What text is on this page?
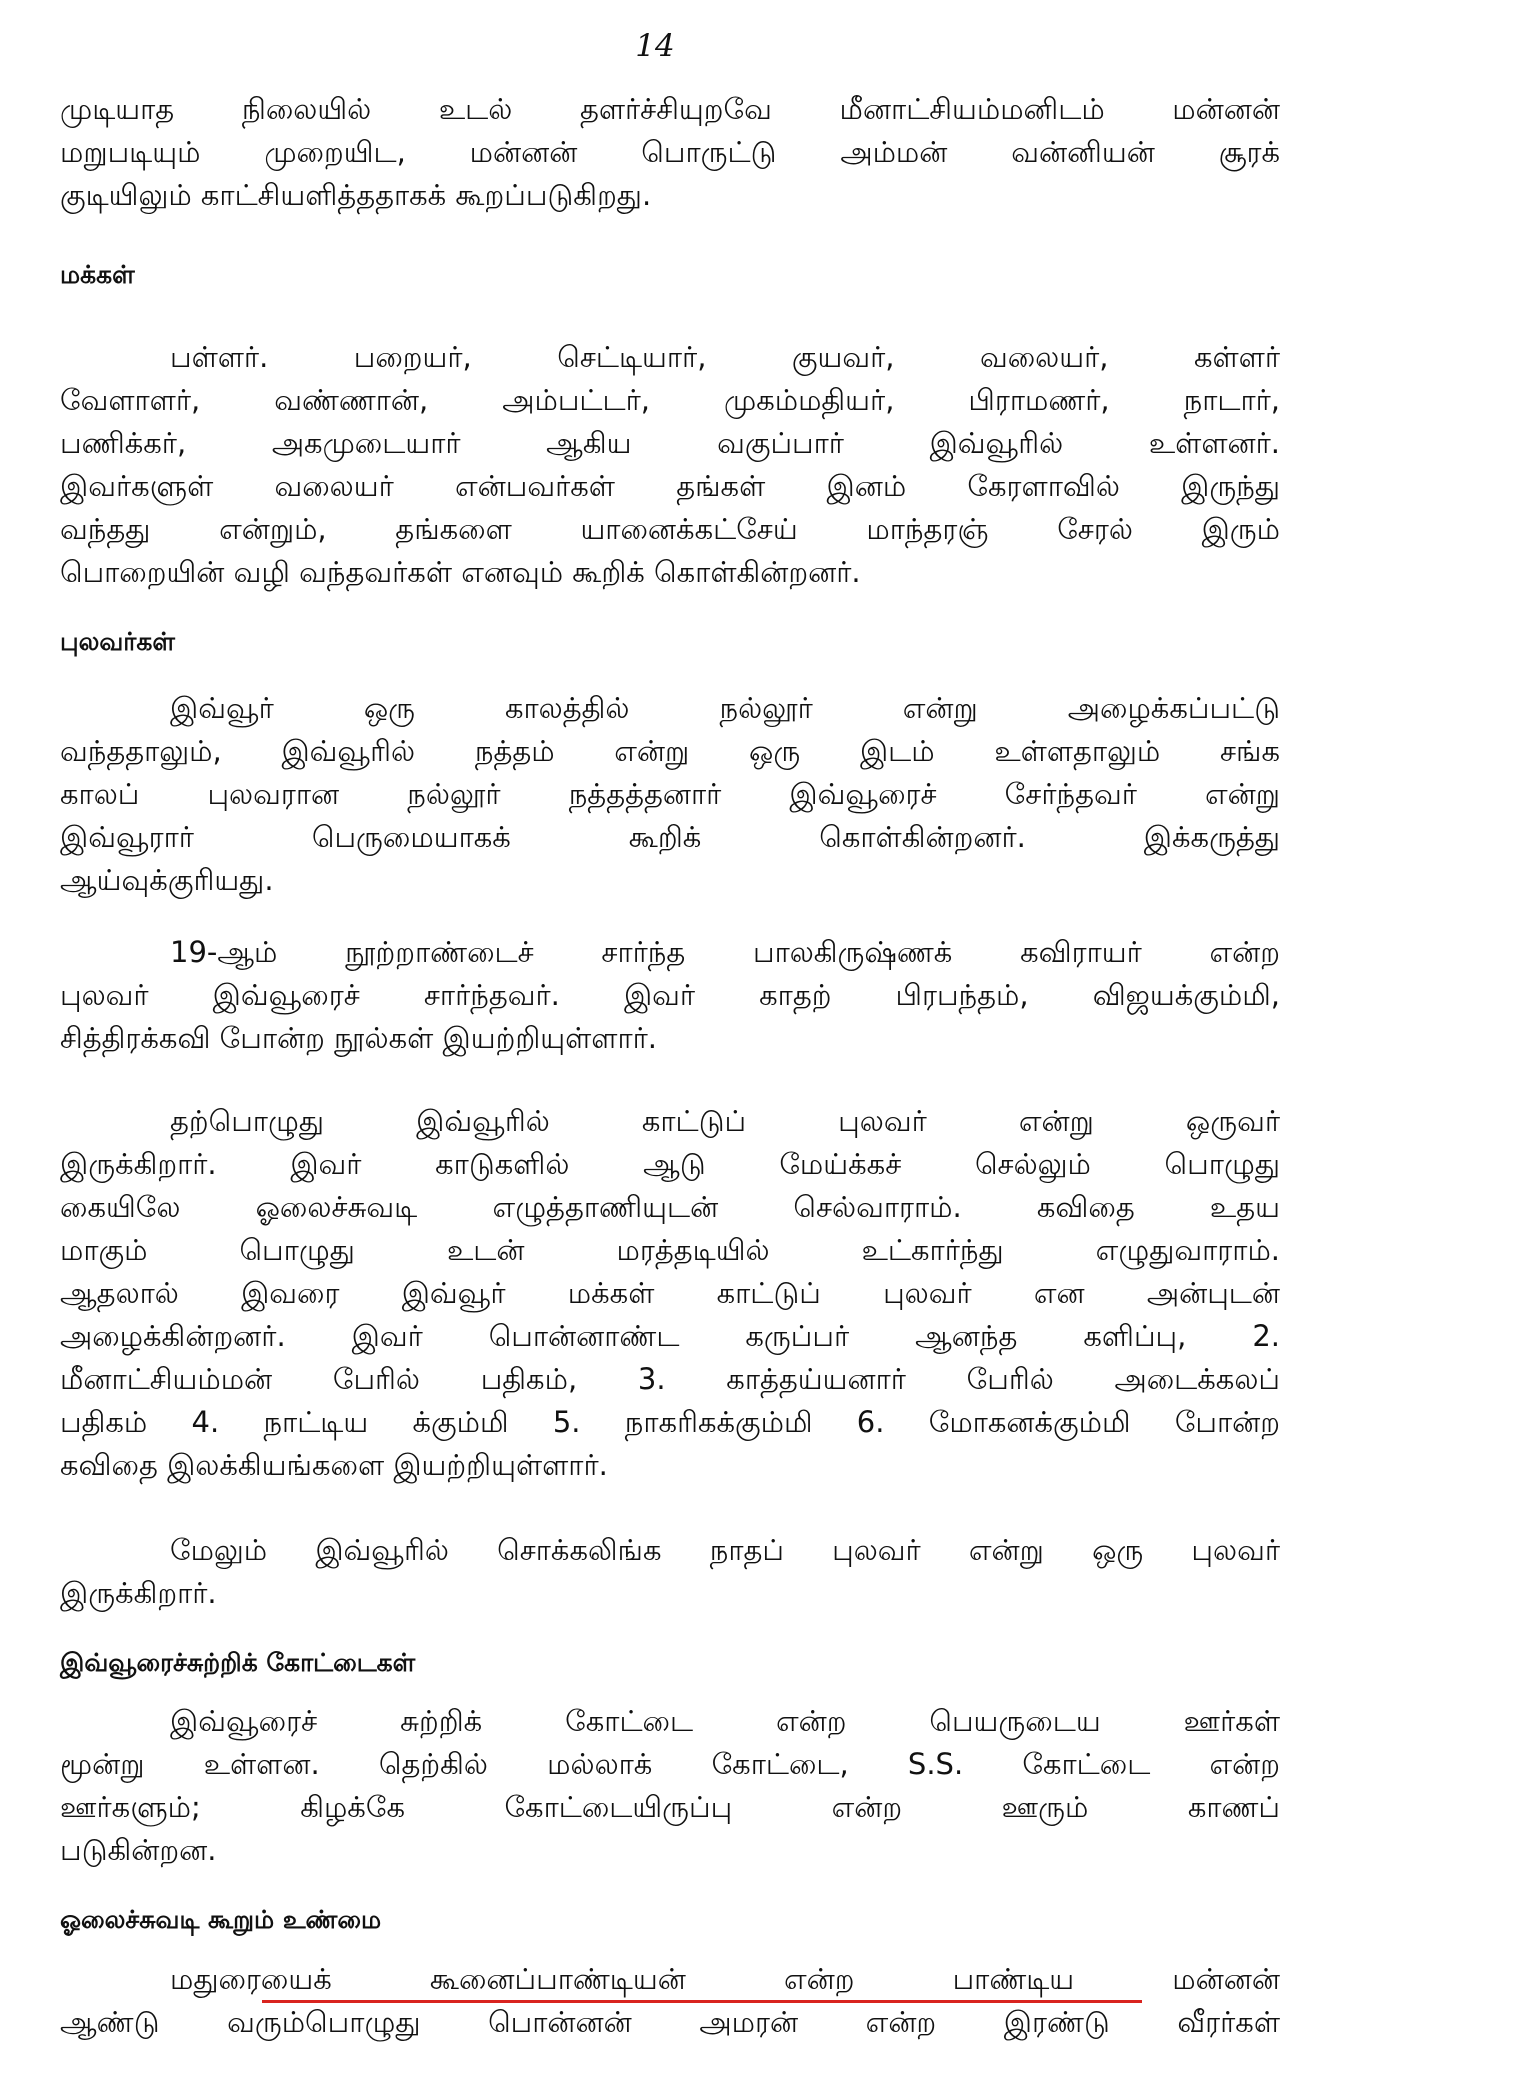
14
முடியாத நிலையில் உடல் தளர்ச்சியுறவே மீனாட்சியம்மனிடம் மன்னன்
மறுபடியும் முறையிட, மன்னன் பொருட்டு அம்மன் வன்னியன் சூரக்
குடியிலும் காட்சியளித்ததாகக் கூறப்படுகிறது.
மக்கள்
பள்ளர். பறையர், செட்டியார், குயவர், வலையர், கள்ளர்
வேளாளர், வண்ணான், அம்பட்டர், முகம்மதியர், பிராமணர், நாடார்,
பணிக்கர், அகமுடையார் ஆகிய வகுப்பார் இவ்வூரில் உள்ளனர்.
இவர்களுள் வலையர் என்பவர்கள் தங்கள் இனம் கேரளாவில் இருந்து
வந்தது என்றும், தங்களை யானைக்கட்சேய் மாந்தரஞ் சேரல் இரும்
பொறையின் வழி வந்தவர்கள் எனவும் கூறிக் கொள்கின்றனர்.
புலவர்கள்
இவ்வூர் ஒரு காலத்தில் நல்லூர் என்று அழைக்கப்பட்டு
வந்ததாலும், இவ்வூரில் நத்தம் என்று ஒரு இடம் உள்ளதாலும் சங்க
காலப் புலவரான நல்லூர் நத்தத்தனார் இவ்வூரைச் சேர்ந்தவர் என்று
இவ்வூரார் பெருமையாகக் கூறிக் கொள்கின்றனர். இக்கருத்து
ஆய்வுக்குரியது.
19-ஆம் நூற்றாண்டைச் சார்ந்த பாலகிருஷ்ணக் கவிராயர் என்ற
புலவர் இவ்வூரைச் சார்ந்தவர். இவர் காதற் பிரபந்தம், விஜயக்கும்மி,
சித்திரக்கவி போன்ற நூல்கள் இயற்றியுள்ளார்.
தற்பொழுது இவ்வூரில் காட்டுப் புலவர் என்று ஒருவர்
இருக்கிறார். இவர் காடுகளில் ஆடு மேய்க்கச் செல்லும் பொழுது
கையிலே ஓலைச்சுவடி எழுத்தாணியுடன் செல்வாராம். கவிதை உதய
மாகும் பொழுது உடன் மரத்தடியில் உட்கார்ந்து எழுதுவாராம்.
ஆதலால் இவரை இவ்வூர் மக்கள் காட்டுப் புலவர் என அன்புடன்
அழைக்கின்றனர். இவர் பொன்னாண்ட கருப்பர் ஆனந்த களிப்பு, 2.
மீனாட்சியம்மன் பேரில் பதிகம், 3. காத்தய்யனார் பேரில் அடைக்கலப்
பதிகம் 4. நாட்டிய க்கும்மி 5. நாகரிகக்கும்மி 6. மோகனக்கும்மி போன்ற
கவிதை இலக்கியங்களை இயற்றியுள்ளார்.
மேலும் இவ்வூரில் சொக்கலிங்க நாதப் புலவர் என்று ஒரு புலவர்
இருக்கிறார்.
இவ்வூரைச்சுற்றிக் கோட்டைகள்
இவ்வூரைச் சுற்றிக் கோட்டை என்ற பெயருடைய ஊர்கள்
மூன்று உள்ளன. தெற்கில் மல்லாக் கோட்டை, S.S. கோட்டை என்ற
ஊர்களும்; கிழக்கே கோட்டையிருப்பு என்ற ஊரும் காணப்
படுகின்றன.
ஓலைச்சுவடி கூறும் உண்மை
மதுரையைக் கூனைப்பாண்டியன் என்ற பாண்டிய மன்னன்
ஆண்டு வரும்பொழுது பொன்னன் அமரன் என்ற இரண்டு வீரர்கள்
